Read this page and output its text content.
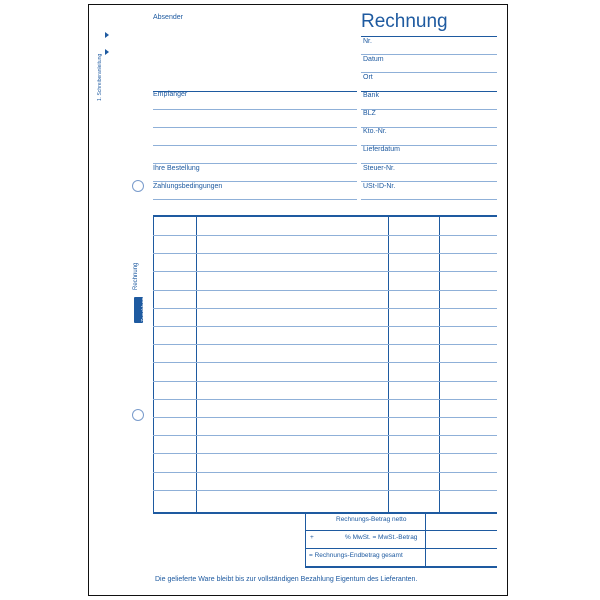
1. Schreiberanleitung
Rechnung
Zweckform
Absender
Empfänger
Ihre Bestellung
Zahlungsbedingungen
Rechnung
Nr.
Datum
Ort
Bank
BLZ
Kto.-Nr.
Lieferdatum
Steuer-Nr.
USt-ID-Nr.
Rechnungs-Betrag netto
+	% MwSt. = MwSt.-Betrag
= Rechnungs-Endbetrag gesamt
Die gelieferte Ware bleibt bis zur vollständigen Bezahlung Eigentum des Lieferanten.
